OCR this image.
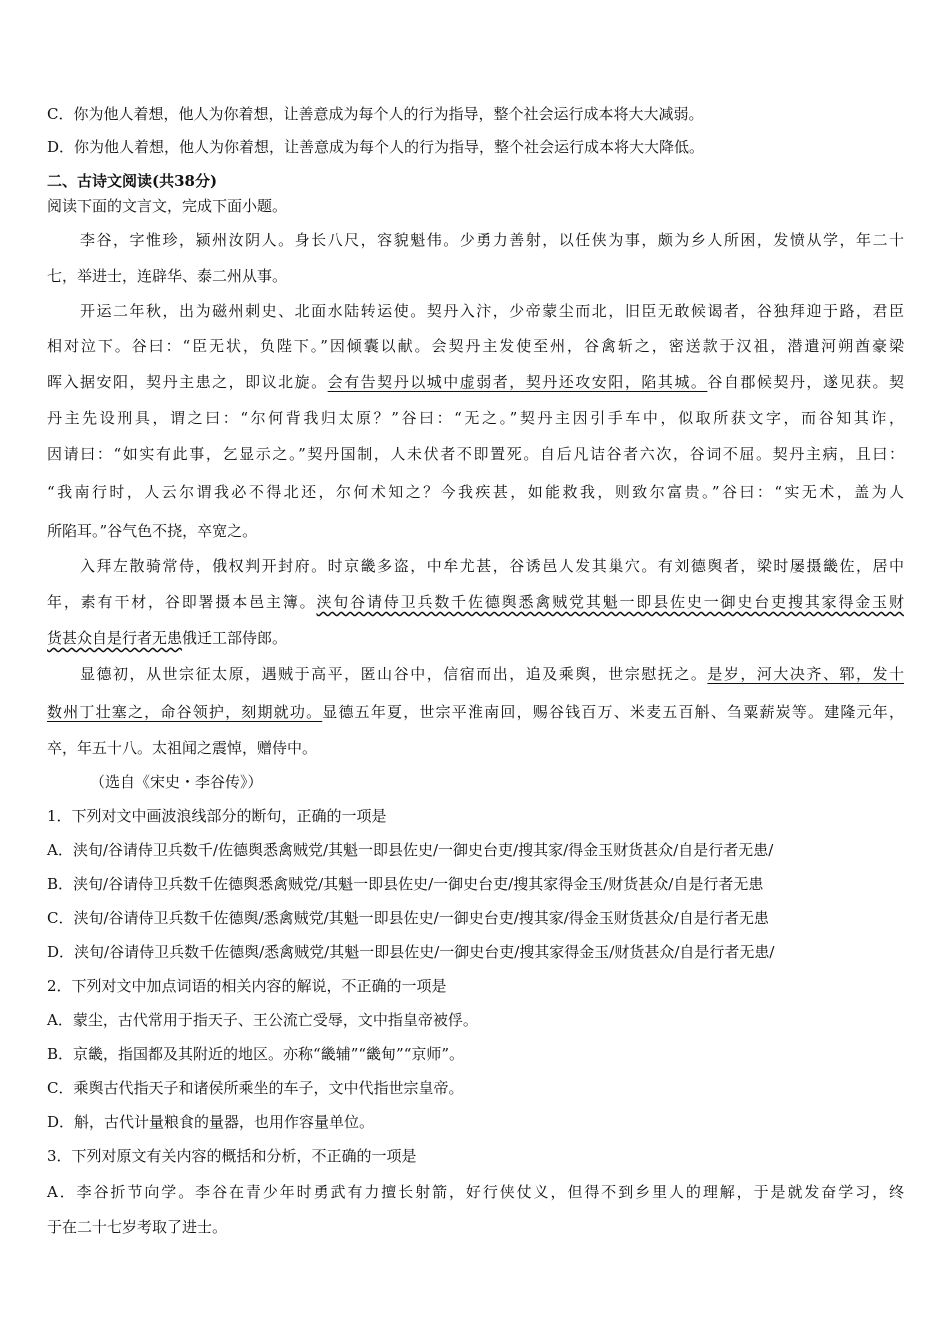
C．你为他人着想，他人为你着想，让善意成为每个人的行为指导，整个社会运行成本将大大减弱。
D．你为他人着想，他人为你着想，让善意成为每个人的行为指导，整个社会运行成本将大大降低。
二、古诗文阅读(共38分)
阅读下面的文言文，完成下面小题。
李谷，字惟珍，颍州汝阴人。身长八尺，容貌魁伟。少勇力善射，以任侠为事，颇为乡人所困，发愤从学，年二十
七，举进士，连辟华、泰二州从事。
开运二年秋，出为磁州刺史、北面水陆转运使。契丹入汴，少帝蒙尘而北，旧臣无敢候谒者，谷独拜迎于路，君臣
相对泣下。谷曰：“臣无状，负陛下。”因倾囊以献。会契丹主发使至州，谷禽斩之，密送款于汉祖，潜遣河朔酋豪梁
晖入据安阳，契丹主患之，即议北旋。会有告契丹以城中虚弱者，契丹还攻安阳，陷其城。谷自郡候契丹，遂见获。契
丹主先设刑具，谓之曰：“尔何背我归太原？”谷曰：“无之。”契丹主因引手车中，似取所获文字，而谷知其诈，
因请曰：“如实有此事，乞显示之。”契丹国制，人未伏者不即置死。自后凡诘谷者六次，谷词不屈。契丹主病，且曰：
“我南行时，人云尔谓我必不得北还，尔何术知之？今我疾甚，如能救我，则致尔富贵。”谷曰：“实无术，盖为人
所陷耳。”谷气色不挠，卒宽之。
入拜左散骑常侍，俄权判开封府。时京畿多盗，中牟尤甚，谷诱邑人发其巢穴。有刘德舆者，梁时屡摄畿佐，居中
年，素有干材，谷即署摄本邑主簿。浃旬谷请侍卫兵数千佐德舆悉禽贼党其魁一即县佐史一御史台吏搜其家得金玉财
货甚众自是行者无患俄迁工部侍郎。
显德初，从世宗征太原，遇贼于高平，匿山谷中，信宿而出，追及乘舆，世宗慰抚之。是岁，河大决齐、郓，发十
数州丁壮塞之，命谷领护，刻期就功。显德五年夏，世宗平淮南回，赐谷钱百万、米麦五百斛、刍粟薪炭等。建隆元年，
卒，年五十八。太祖闻之震悼，赠侍中。
（选自《宋史・李谷传》）
1．下列对文中画波浪线部分的断句，正确的一项是
A．浃旬/谷请侍卫兵数千/佐德舆悉禽贼党/其魁一即县佐史/一御史台吏/搜其家/得金玉财货甚众/自是行者无患/
B．浃旬/谷请侍卫兵数千佐德舆悉禽贼党/其魁一即县佐史/一御史台吏/搜其家得金玉/财货甚众/自是行者无患
C．浃旬/谷请侍卫兵数千佐德舆/悉禽贼党/其魁一即县佐史/一御史台吏/搜其家/得金玉财货甚众/自是行者无患
D．浃旬/谷请侍卫兵数千佐德舆/悉禽贼党/其魁一即县佐史/一御史台吏/搜其家得金玉/财货甚众/自是行者无患/
2．下列对文中加点词语的相关内容的解说，不正确的一项是
A．蒙尘，古代常用于指天子、王公流亡受辱，文中指皇帝被俘。
B．京畿，指国都及其附近的地区。亦称“畿辅”“畿甸”“京师”。
C．乘舆古代指天子和诸侯所乘坐的车子，文中代指世宗皇帝。
D．斛，古代计量粮食的量器，也用作容量单位。
3．下列对原文有关内容的概括和分析，不正确的一项是
A．李谷折节向学。李谷在青少年时勇武有力擅长射箭，好行侠仗义，但得不到乡里人的理解，于是就发奋学习，终
于在二十七岁考取了进士。
